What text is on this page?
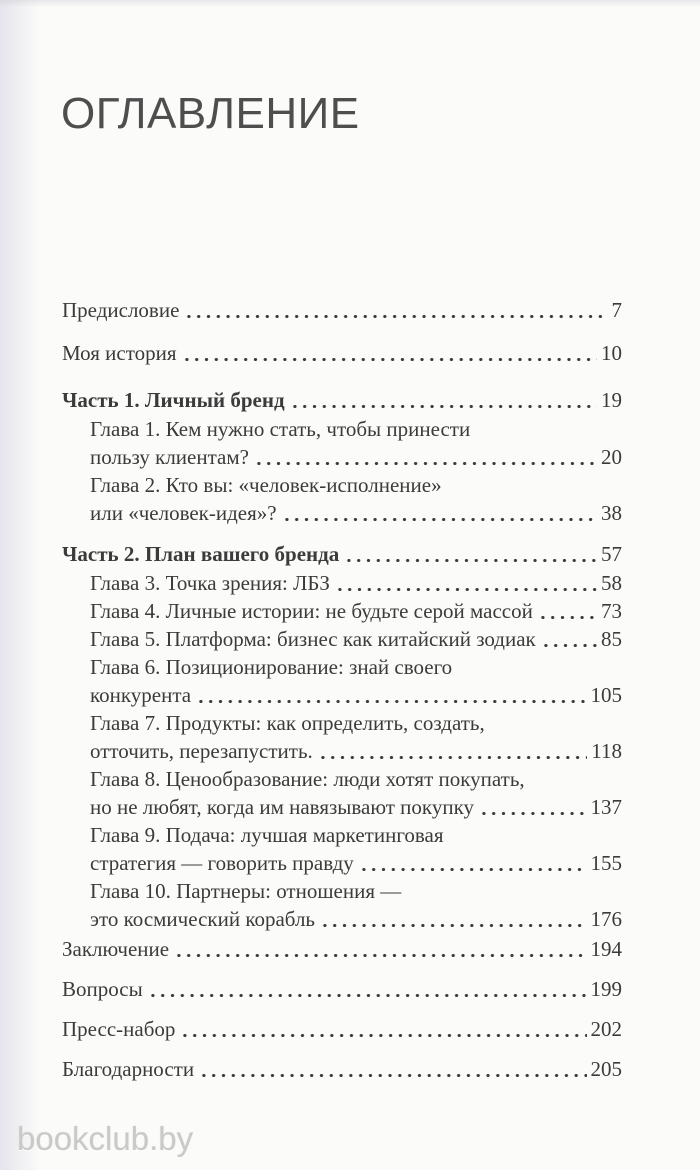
ОГЛАВЛЕНИЕ
Предисловие	7
Моя история	10
Часть 1. Личный бренд	19
Глава 1. Кем нужно стать, чтобы принести
пользу клиентам?	20
Глава 2. Кто вы: «человек-исполнение»
или «человек-идея»?	38
Часть 2. План вашего бренда	57
Глава 3. Точка зрения: ЛБЗ	58
Глава 4. Личные истории: не будьте серой массой	73
Глава 5. Платформа: бизнес как китайский зодиак	85
Глава 6. Позиционирование: знай своего
конкурента	105
Глава 7. Продукты: как определить, создать,
отточить, перезапустить.	118
Глава 8. Ценообразование: люди хотят покупать,
но не любят, когда им навязывают покупку	137
Глава 9. Подача: лучшая маркетинговая
стратегия — говорить правду	155
Глава 10. Партнеры: отношения —
это космический корабль	176
Заключение	194
Вопросы	199
Пресс-набор	202
Благодарности	205
bookclub.by
